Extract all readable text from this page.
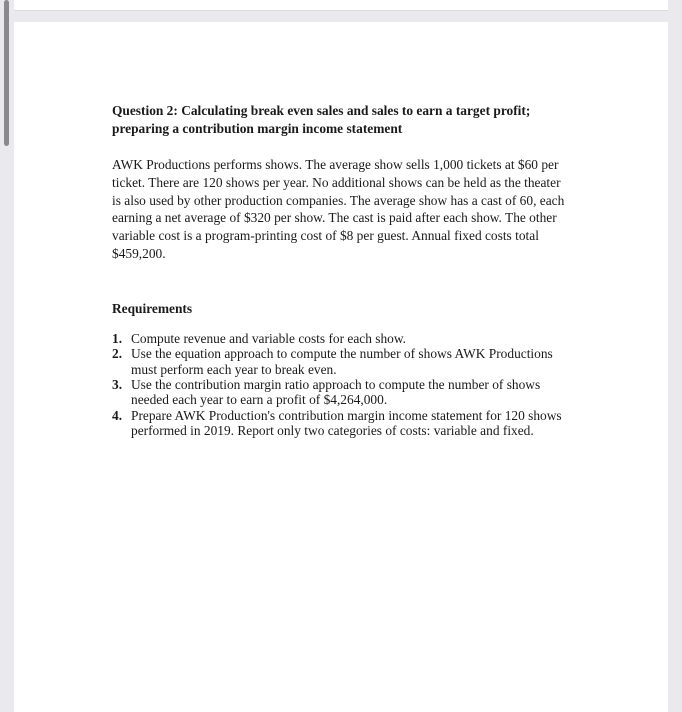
Question 2: Calculating break even sales and sales to earn a target profit;
preparing a contribution margin income statement

AWK Productions performs shows. The average show sells 1,000 tickets at $60 per ticket. There are 120 shows per year. No additional shows can be held as the theater is also used by other production companies. The average show has a cast of 60, each earning a net average of $320 per show. The cast is paid after each show. The other variable cost is a program-printing cost of $8 per guest. Annual fixed costs total $459,200.

Requirements

1. Compute revenue and variable costs for each show.
2. Use the equation approach to compute the number of shows AWK Productions must perform each year to break even.
3. Use the contribution margin ratio approach to compute the number of shows needed each year to earn a profit of $4,264,000.
4. Prepare AWK Production's contribution margin income statement for 120 shows performed in 2019. Report only two categories of costs: variable and fixed.
